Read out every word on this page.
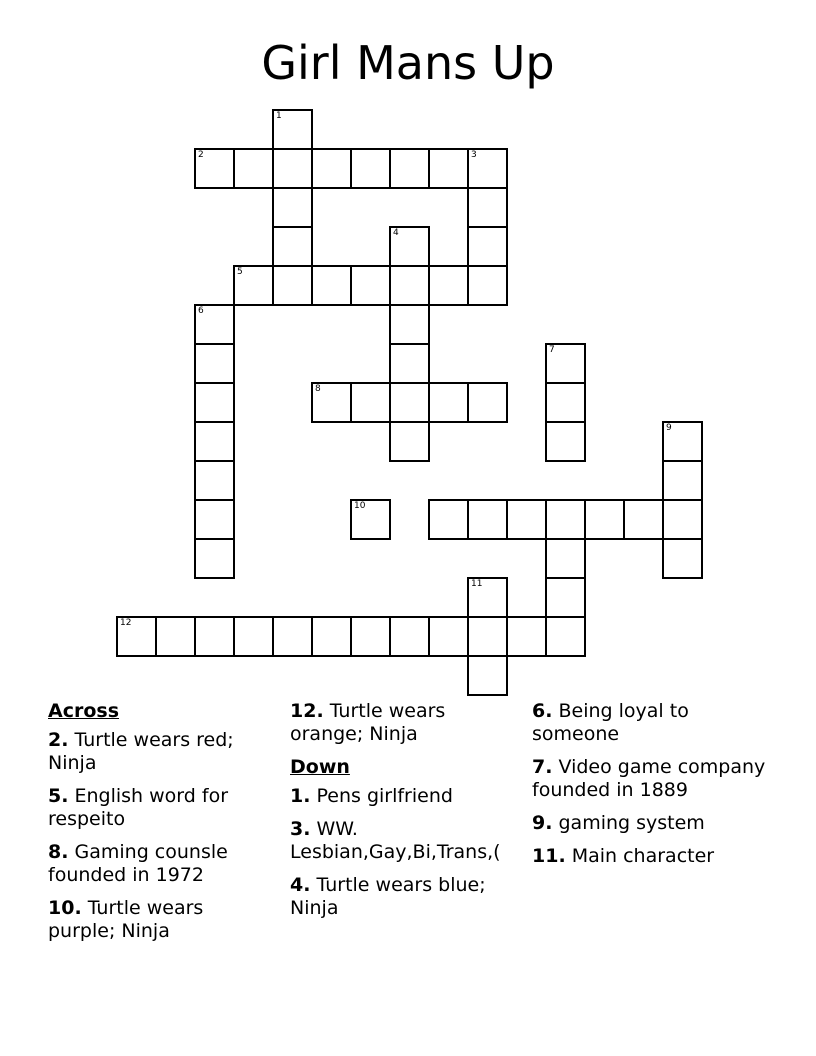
Girl Mans Up
2	3
1
4
5
6
7
8
9
10
11
12
Across
2. Turtle wears red; Ninja
5. English word for respeito
8. Gaming counsle founded in 1972
10. Turtle wears purple; Ninja
12. Turtle wears orange; Ninja
Down
1. Pens girlfriend
3. WW. Lesbian,Gay,Bi,Trans,(
4. Turtle wears blue; Ninja
6. Being loyal to someone
7. Video game company founded in 1889
9. gaming system
11. Main character
